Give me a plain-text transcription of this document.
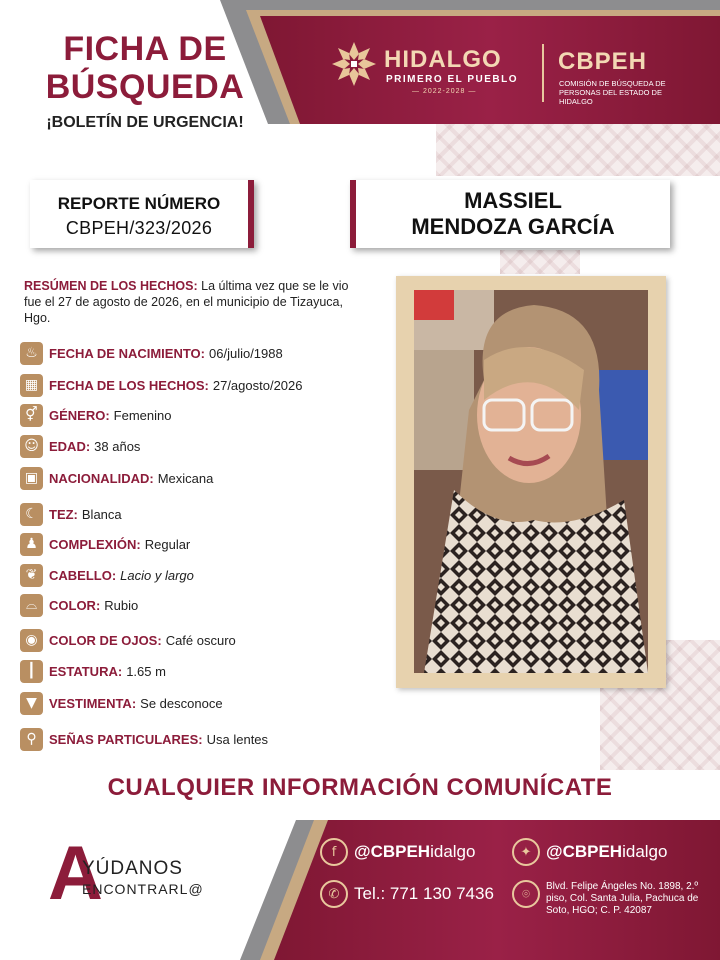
FICHA DE
BÚSQUEDA
¡BOLETÍN DE URGENCIA!
HIDALGO
PRIMERO EL PUEBLO
— 2022-2028 —
CBPEH
COMISIÓN DE BÚSQUEDA DE PERSONAS DEL ESTADO DE HIDALGO
REPORTE NÚMERO
CBPEH/323/2026
MASSIEL
MENDOZA GARCÍA
RESÚMEN DE LOS HECHOS: La última vez que se le vio fue el 27 de agosto de 2026, en el municipio de Tizayuca, Hgo.
♨ FECHA DE NACIMIENTO: 06/julio/1988
▦ FECHA DE LOS HECHOS: 27/agosto/2026
⚥ GÉNERO: Femenino
☺ EDAD: 38 años
▣ NACIONALIDAD: Mexicana
☾ TEZ: Blanca
♟ COMPLEXIÓN: Regular
❦ CABELLO: Lacio y largo
⌓ COLOR: Rubio
◉ COLOR DE OJOS: Café oscuro
┃	ESTATURA: 1.65 m
▼ VESTIMENTA: Se desconoce
⚲ SEÑAS PARTICULARES: Usa lentes
CUALQUIER INFORMACIÓN COMUNÍCATE
A
YÚDANOS
ENCONTRARL@
f	@CBPEHidalgo	✦ @CBPEHidalgo
✆ Tel.: 771 130 7436	⌾	Blvd. Felipe Ángeles No. 1898, 2.º piso, Col. Santa Julia, Pachuca de Soto, HGO; C. P. 42087
